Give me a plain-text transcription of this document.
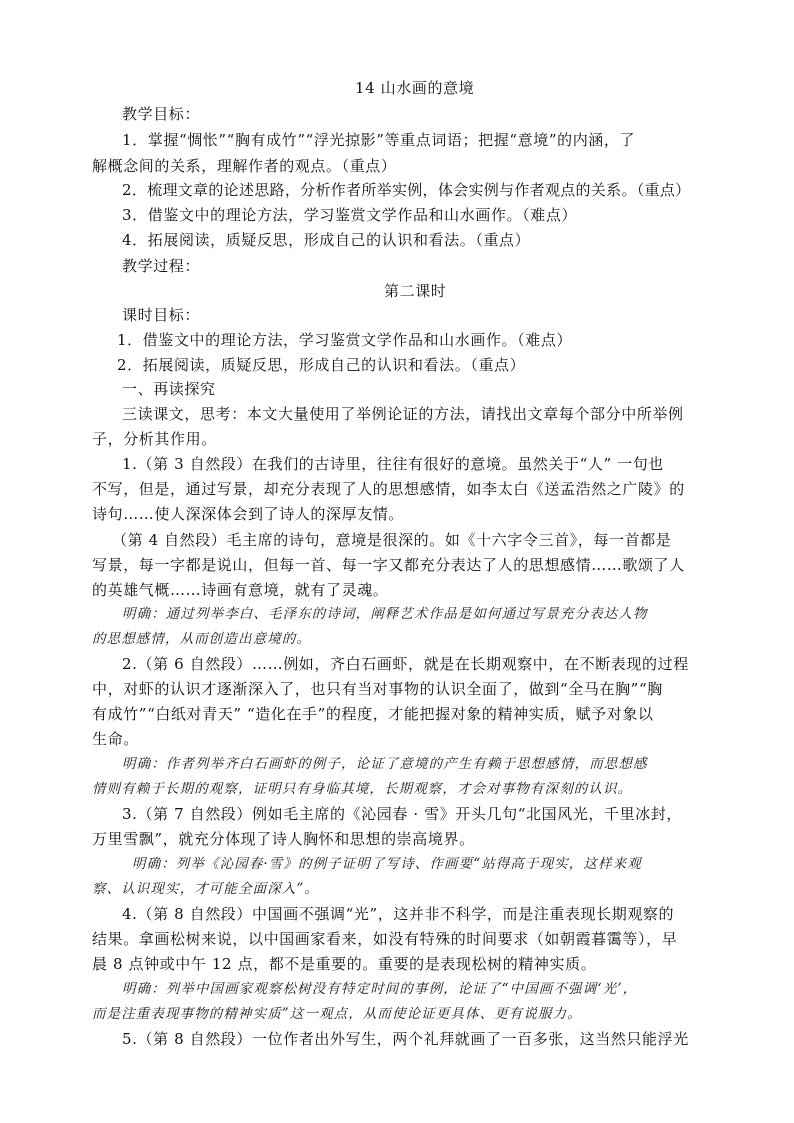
14 山水画的意境
教学目标：
1．掌握“惆怅”“胸有成竹”“浮光掠影”等重点词语；把握“意境”的内涵，了
解概念间的关系，理解作者的观点。（重点）
2．梳理文章的论述思路，分析作者所举实例，体会实例与作者观点的关系。（重点）
3．借鉴文中的理论方法，学习鉴赏文学作品和山水画作。（难点）
4．拓展阅读，质疑反思，形成自己的认识和看法。（重点）
教学过程：
第二课时
课时目标：
1．借鉴文中的理论方法，学习鉴赏文学作品和山水画作。（难点）
2．拓展阅读，质疑反思，形成自己的认识和看法。（重点）
一、再读探究
三读课文，思考：本文大量使用了举例论证的方法，请找出文章每个部分中所举例
子，分析其作用。
1.（第 3 自然段）在我们的古诗里，往往有很好的意境。虽然关于“人” 一句也
不写，但是，通过写景，却充分表现了人的思想感情，如李太白《送孟浩然之广陵》的
诗句……使人深深体会到了诗人的深厚友情。
（第 4 自然段）毛主席的诗句，意境是很深的。如《十六字令三首》，每一首都是
写景，每一字都是说山，但每一首、每一字又都充分表达了人的思想感情……歌颂了人
的英雄气概……诗画有意境，就有了灵魂。
明确：通过列举李白、毛泽东的诗词，阐释艺术作品是如何通过写景充分表达人物
的思想感情，从而创造出意境的。
2.（第 6 自然段）……例如，齐白石画虾，就是在长期观察中，在不断表现的过程
中，对虾的认识才逐渐深入了，也只有当对事物的认识全面了，做到“全马在胸”“胸
有成竹”“白纸对青天” “造化在手”的程度，才能把握对象的精神实质，赋予对象以
生命。
明确：作者列举齐白石画虾的例子，论证了意境的产生有赖于思想感情，而思想感
情则有赖于长期的观察，证明只有身临其境，长期观察，才会对事物有深刻的认识。
3.（第 7 自然段）例如毛主席的《沁园春 · 雪》开头几句“北国风光，千里冰封，
万里雪飘”，就充分体现了诗人胸怀和思想的崇高境界。
明确：列举《沁园春·雪》的例子证明了写诗、作画要“站得高于现实，这样来观
察、认识现实，才可能全面深入”。
4.（第 8 自然段）中国画不强调“光”，这并非不科学，而是注重表现长期观察的
结果。拿画松树来说，以中国画家看来，如没有特殊的时间要求（如朝霞暮霭等），早
晨 8 点钟或中午 12 点，都不是重要的。重要的是表现松树的精神实质。
明确：列举中国画家观察松树没有特定时间的事例，论证了“中国画不强调‘光’，
而是注重表现事物的精神实质”这一观点，从而使论证更具体、更有说服力。
5.（第 8 自然段）一位作者出外写生，两个礼拜就画了一百多张，这当然只能浮光
